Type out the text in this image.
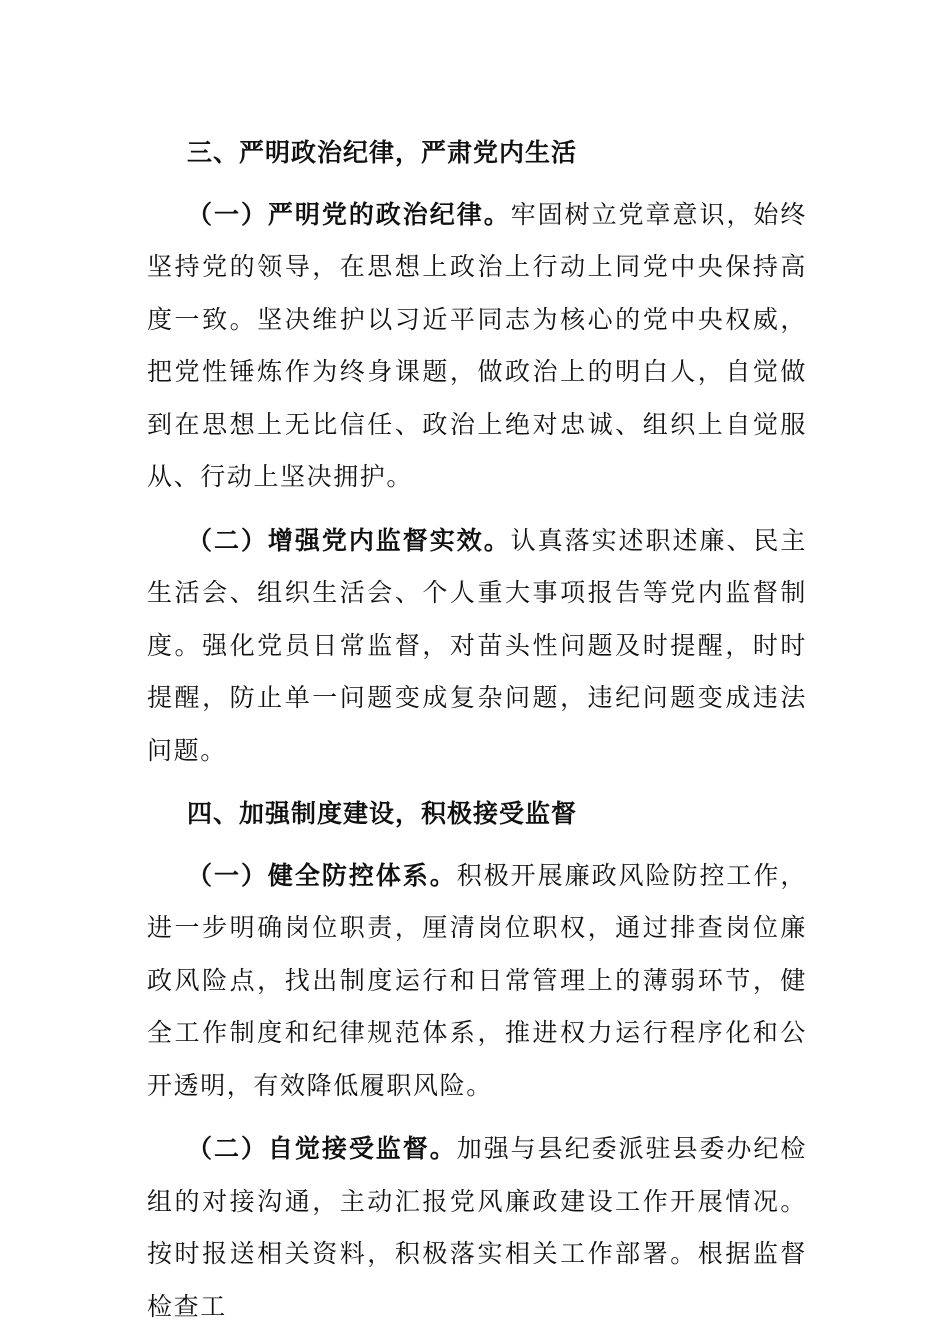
三、严明政治纪律，严肃党内生活

（一）严明党的政治纪律。牢固树立党章意识，始终坚持党的领导，在思想上政治上行动上同党中央保持高度一致。坚决维护以习近平同志为核心的党中央权威，把党性锤炼作为终身课题，做政治上的明白人，自觉做到在思想上无比信任、政治上绝对忠诚、组织上自觉服从、行动上坚决拥护。

（二）增强党内监督实效。认真落实述职述廉、民主生活会、组织生活会、个人重大事项报告等党内监督制度。强化党员日常监督，对苗头性问题及时提醒，时时提醒，防止单一问题变成复杂问题，违纪问题变成违法问题。

四、加强制度建设，积极接受监督

（一）健全防控体系。积极开展廉政风险防控工作，进一步明确岗位职责，厘清岗位职权，通过排查岗位廉政风险点，找出制度运行和日常管理上的薄弱环节，健全工作制度和纪律规范体系，推进权力运行程序化和公开透明，有效降低履职风险。

（二）自觉接受监督。加强与县纪委派驻县委办纪检组的对接沟通，主动汇报党风廉政建设工作开展情况。按时报送相关资料，积极落实相关工作部署。根据监督检查工
